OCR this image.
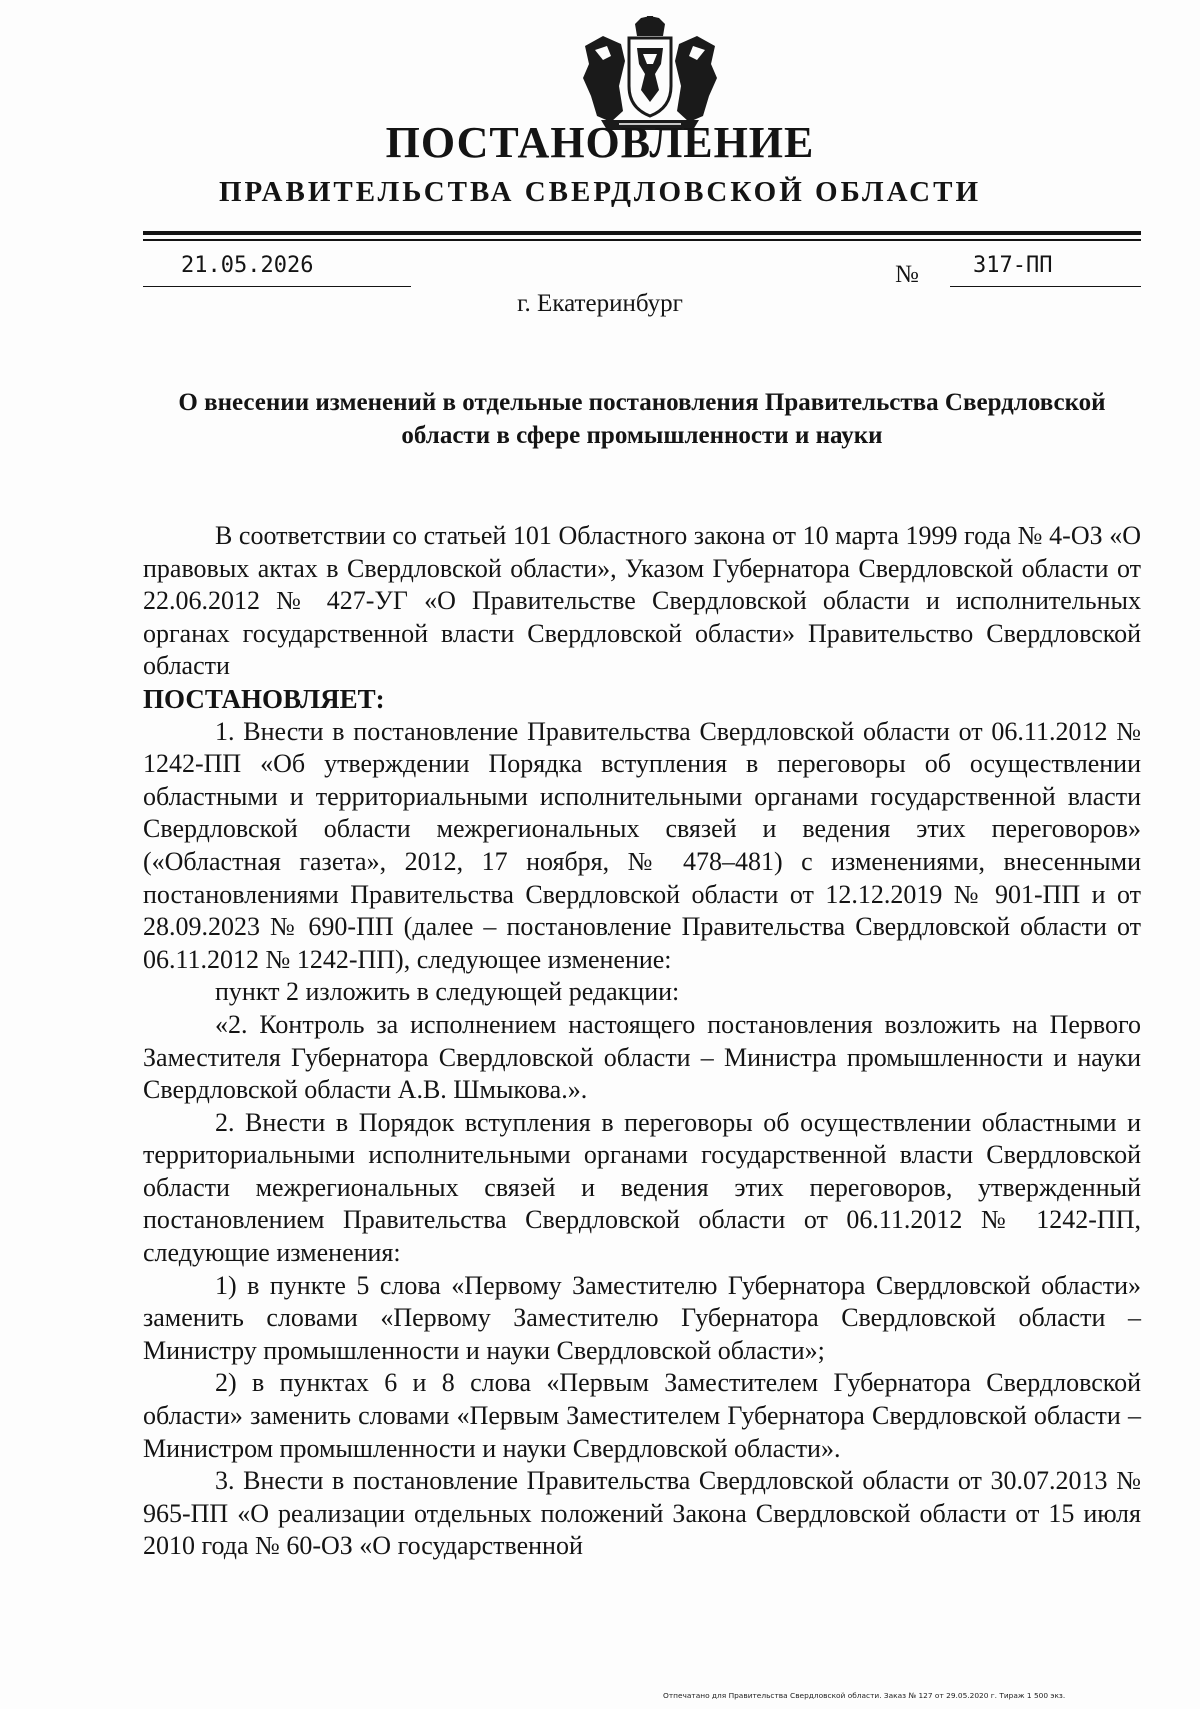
ПОСТАНОВЛЕНИЕ
ПРАВИТЕЛЬСТВА СВЕРДЛОВСКОЙ ОБЛАСТИ
21.05.2026	№	317-ПП
г. Екатеринбург
О внесении изменений в отдельные постановления Правительства Свердловской области в сфере промышленности и науки

В соответствии со статьей 101 Областного закона от 10 марта 1999 года № 4-ОЗ «О правовых актах в Свердловской области», Указом Губернатора Свердловской области от 22.06.2012 № 427-УГ «О Правительстве Свердловской области и исполнительных органах государственной власти Свердловской области» Правительство Свердловской области

ПОСТАНОВЛЯЕТ:

1. Внести в постановление Правительства Свердловской области от 06.11.2012 № 1242-ПП «Об утверждении Порядка вступления в переговоры об осуществлении областными и территориальными исполнительными органами государственной власти Свердловской области межрегиональных связей и ведения этих переговоров» («Областная газета», 2012, 17 ноября, № 478–481) с изменениями, внесенными постановлениями Правительства Свердловской области от 12.12.2019 № 901-ПП и от 28.09.2023 № 690-ПП (далее – постановление Правительства Свердловской области от 06.11.2012 № 1242-ПП), следующее изменение:

пункт 2 изложить в следующей редакции:

«2. Контроль за исполнением настоящего постановления возложить на Первого Заместителя Губернатора Свердловской области – Министра промышленности и науки Свердловской области А.В. Шмыкова.».

2. Внести в Порядок вступления в переговоры об осуществлении областными и территориальными исполнительными органами государственной власти Свердловской области межрегиональных связей и ведения этих переговоров, утвержденный постановлением Правительства Свердловской области от 06.11.2012 № 1242-ПП, следующие изменения:

1) в пункте 5 слова «Первому Заместителю Губернатора Свердловской области» заменить словами «Первому Заместителю Губернатора Свердловской области – Министру промышленности и науки Свердловской области»;

2) в пунктах 6 и 8 слова «Первым Заместителем Губернатора Свердловской области» заменить словами «Первым Заместителем Губернатора Свердловской области – Министром промышленности и науки Свердловской области».

3. Внести в постановление Правительства Свердловской области от 30.07.2013 № 965-ПП «О реализации отдельных положений Закона Свердловской области от 15 июля 2010 года № 60-ОЗ «О государственной

Отпечатано для Правительства Свердловской области. Заказ № 127 от 29.05.2020 г. Тираж 1 500 экз.
